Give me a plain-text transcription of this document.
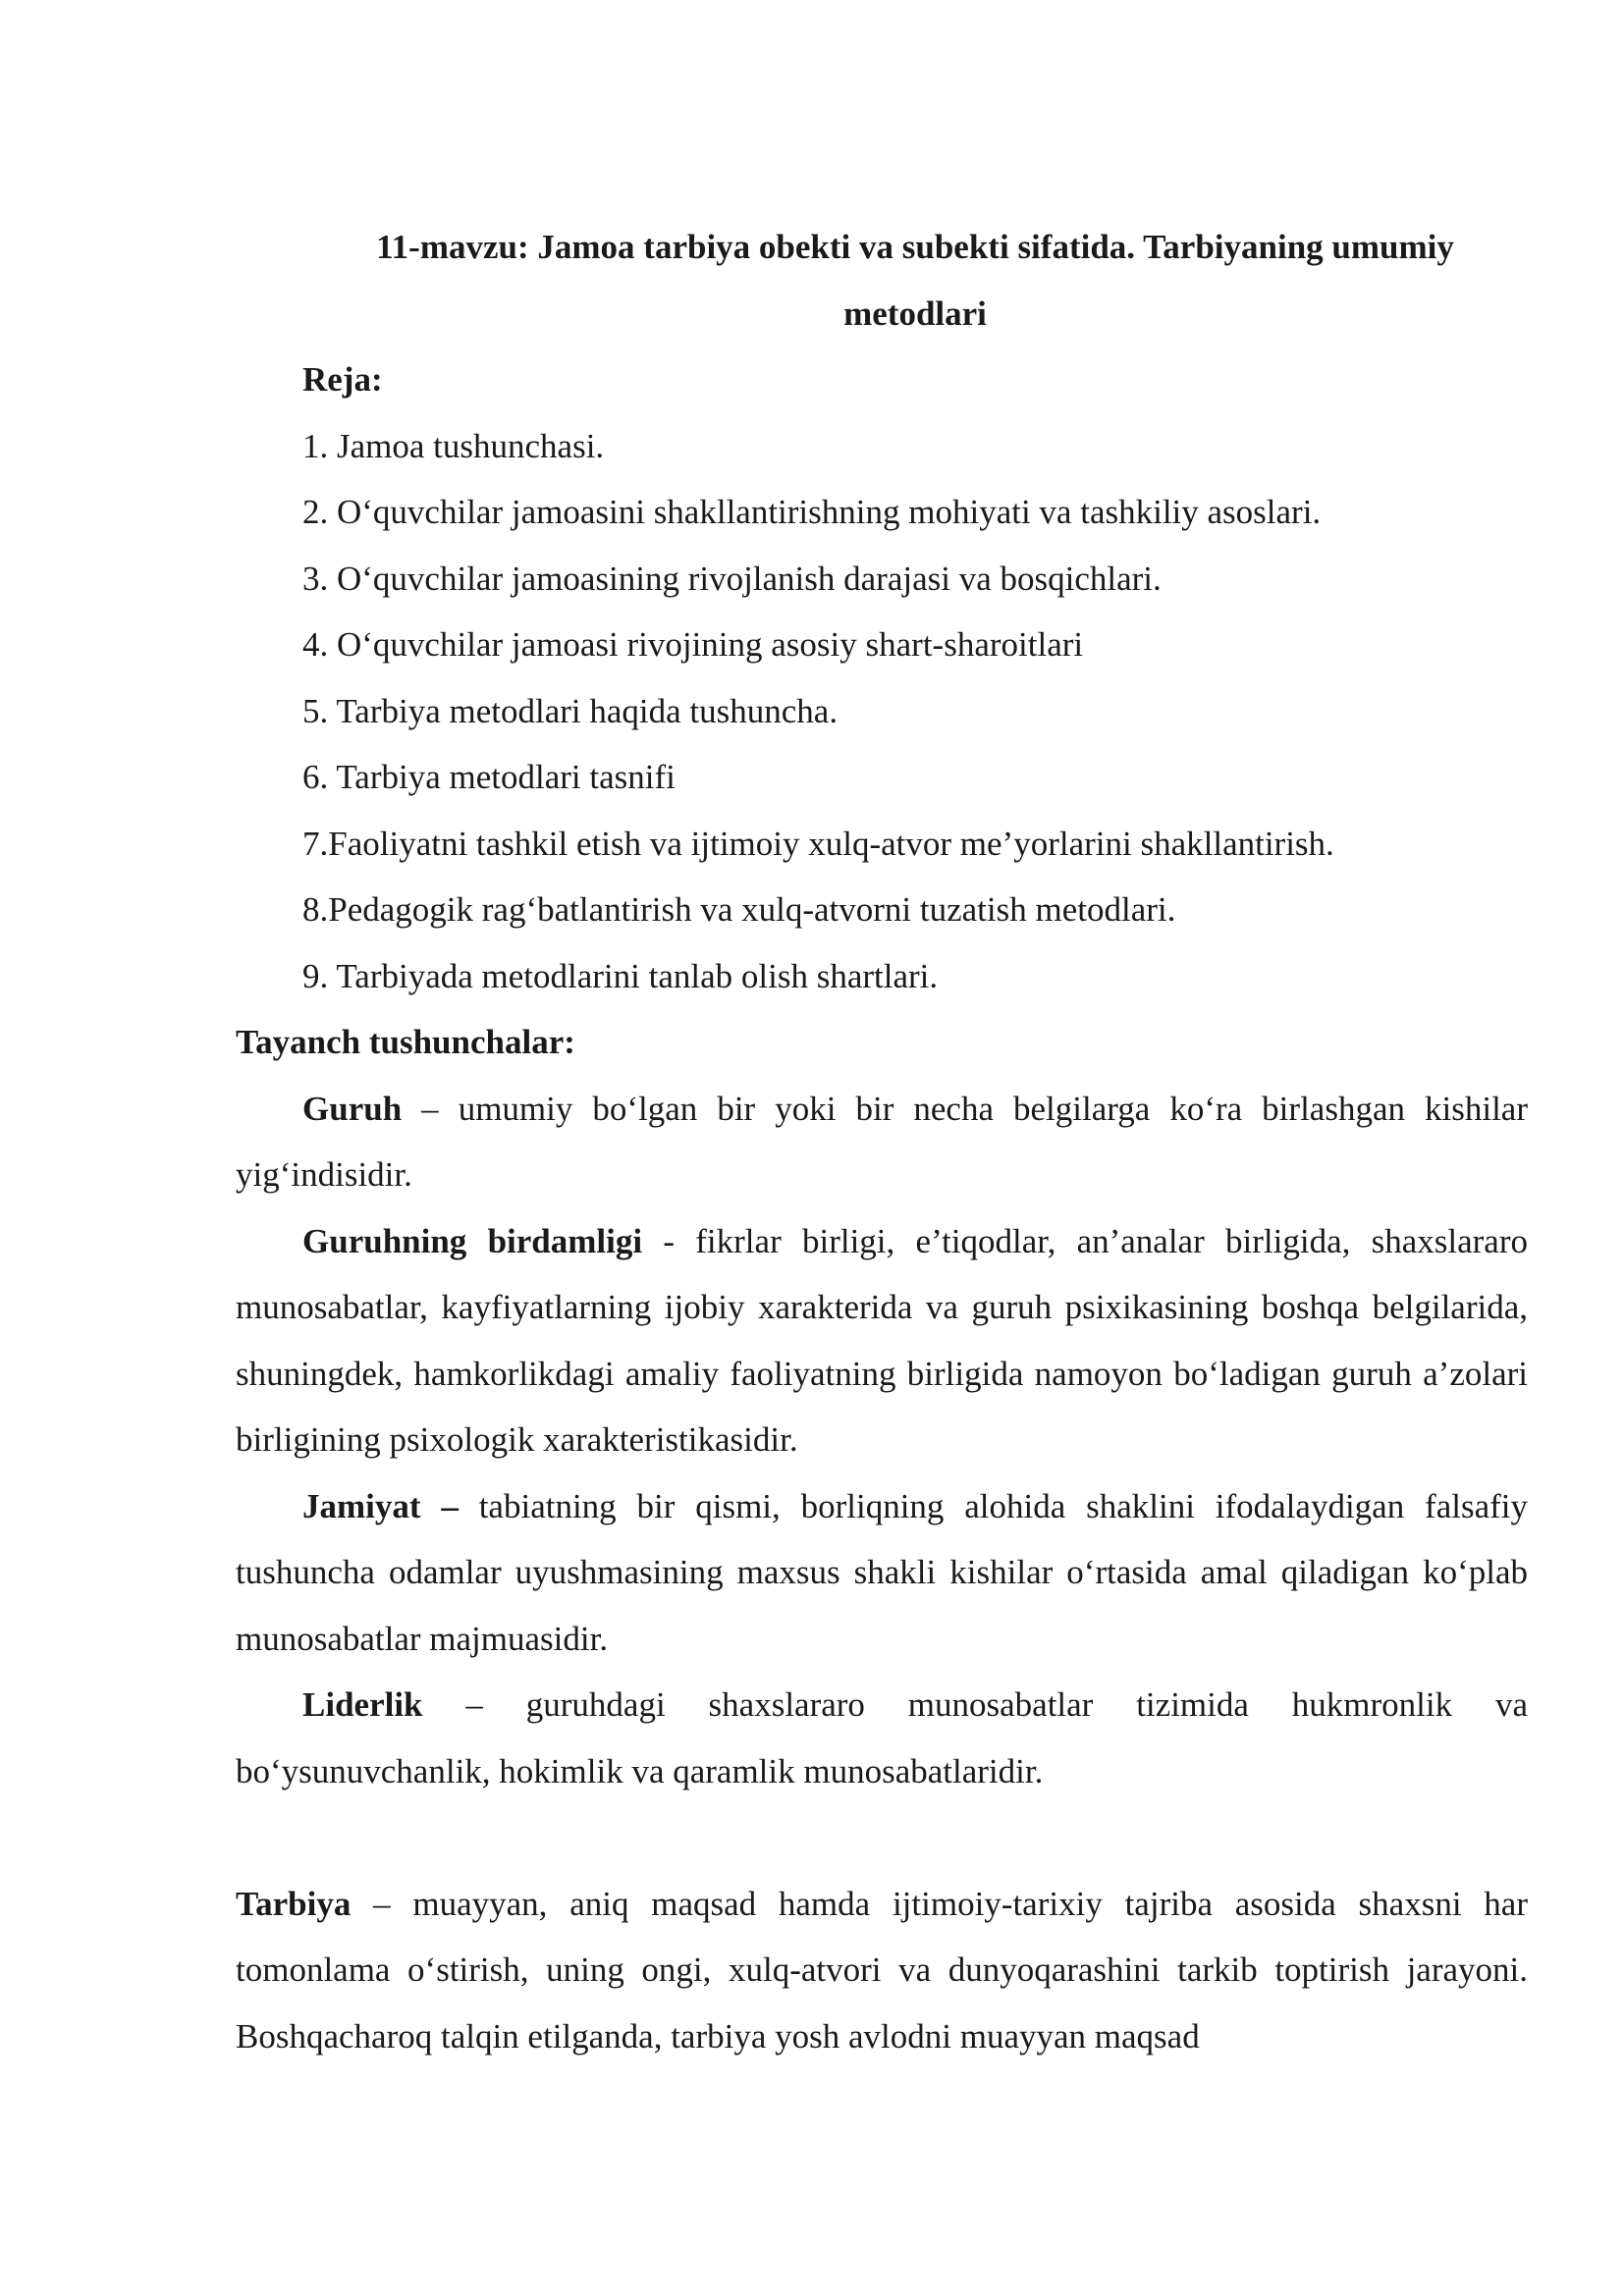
11-mavzu: Jamoa tarbiya obekti va subekti sifatida. Tarbiyaning umumiy

metodlari

Reja:

1. Jamoa tushunchasi.

2. O‘quvchilar jamoasini shakllantirishning mohiyati va tashkiliy asoslari.

3. O‘quvchilar jamoasining rivojlanish darajasi va bosqichlari.

4. O‘quvchilar jamoasi rivojining asosiy shart-sharoitlari

5. Tarbiya metodlari haqida tushuncha.

6. Tarbiya metodlari tasnifi

7.Faoliyatni tashkil etish va ijtimoiy xulq-atvor me’yorlarini shakllantirish.

8.Pedagogik rag‘batlantirish va xulq-atvorni tuzatish metodlari.

9. Tarbiyada metodlarini tanlab olish shartlari.

Tayanch tushunchalar:

Guruh – umumiy bo‘lgan bir yoki bir necha belgilarga ko‘ra birlashgan kishilar yig‘indisidir.

Guruhning birdamligi - fikrlar birligi, e’tiqodlar, an’analar birligida, shaxslararo munosabatlar, kayfiyatlarning ijobiy xarakterida va guruh psixikasining boshqa belgilarida, shuningdek, hamkorlikdagi amaliy faoliyatning birligida namoyon bo‘ladigan guruh a’zolari birligining psixologik xarakteristikasidir.

Jamiyat – tabiatning bir qismi, borliqning alohida shaklini ifodalaydigan falsafiy tushuncha odamlar uyushmasining maxsus shakli kishilar o‘rtasida amal qiladigan ko‘plab munosabatlar majmuasidir.

Liderlik – guruhdagi shaxslararo munosabatlar tizimida hukmronlik va bo‘ysunuvchanlik, hokimlik va qaramlik munosabatlaridir.

Tarbiya – muayyan, aniq maqsad hamda ijtimoiy-tarixiy tajriba asosida shaxsni har tomonlama o‘stirish, uning ongi, xulq-atvori va dunyoqarashini tarkib toptirish jarayoni. Boshqacharoq talqin etilganda, tarbiya yosh avlodni muayyan maqsad
